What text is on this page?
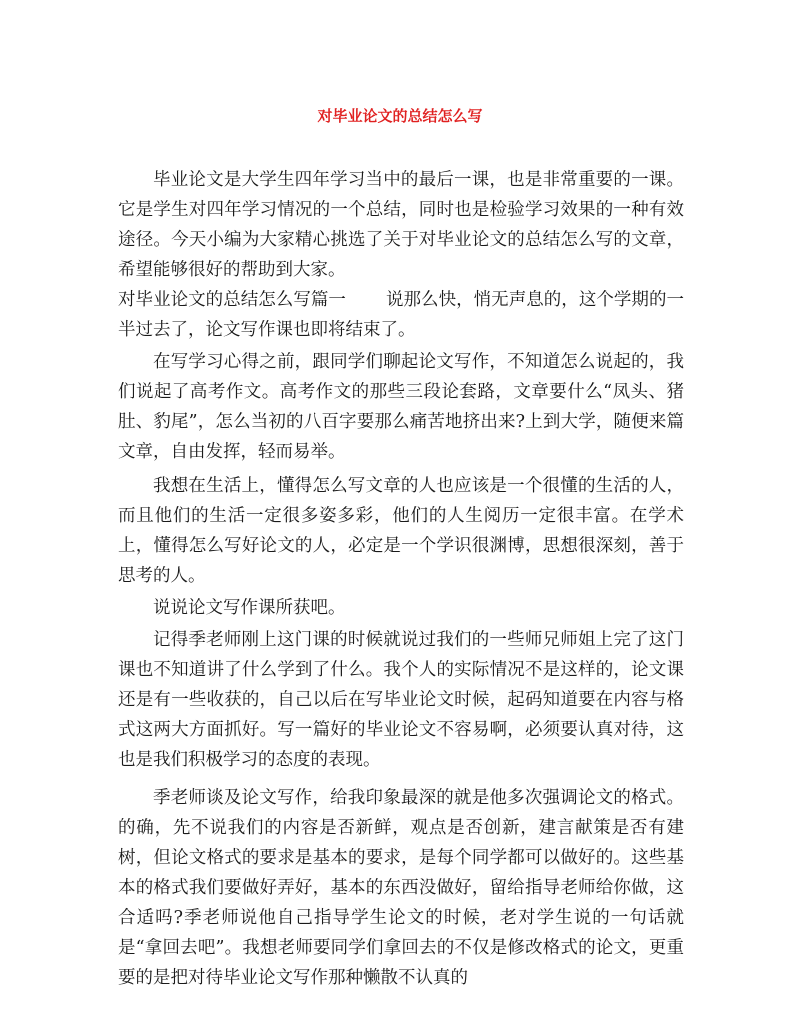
对毕业论文的总结怎么写

毕业论文是大学生四年学习当中的最后一课，也是非常重要的一课。它是学生对四年学习情况的一个总结，同时也是检验学习效果的一种有效途径。今天小编为大家精心挑选了关于对毕业论文的总结怎么写的文章，希望能够很好的帮助到大家。

对毕业论文的总结怎么写篇一 说那么快，悄无声息的，这个学期的一半过去了，论文写作课也即将结束了。

在写学习心得之前，跟同学们聊起论文写作，不知道怎么说起的，我们说起了高考作文。高考作文的那些三段论套路，文章要什么“凤头、猪肚、豹尾”，怎么当初的八百字要那么痛苦地挤出来?上到大学，随便来篇文章，自由发挥，轻而易举。

我想在生活上，懂得怎么写文章的人也应该是一个很懂的生活的人，而且他们的生活一定很多姿多彩，他们的人生阅历一定很丰富。在学术上，懂得怎么写好论文的人，必定是一个学识很渊博，思想很深刻，善于思考的人。

说说论文写作课所获吧。

记得季老师刚上这门课的时候就说过我们的一些师兄师姐上完了这门课也不知道讲了什么学到了什么。我个人的实际情况不是这样的，论文课还是有一些收获的，自己以后在写毕业论文时候，起码知道要在内容与格式这两大方面抓好。写一篇好的毕业论文不容易啊，必须要认真对待，这也是我们积极学习的态度的表现。

季老师谈及论文写作，给我印象最深的就是他多次强调论文的格式。的确，先不说我们的内容是否新鲜，观点是否创新，建言献策是否有建树，但论文格式的要求是基本的要求，是每个同学都可以做好的。这些基本的格式我们要做好弄好，基本的东西没做好，留给指导老师给你做，这合适吗?季老师说他自己指导学生论文的时候，老对学生说的一句话就是“拿回去吧”。我想老师要同学们拿回去的不仅是修改格式的论文，更重要的是把对待毕业论文写作那种懒散不认真的
